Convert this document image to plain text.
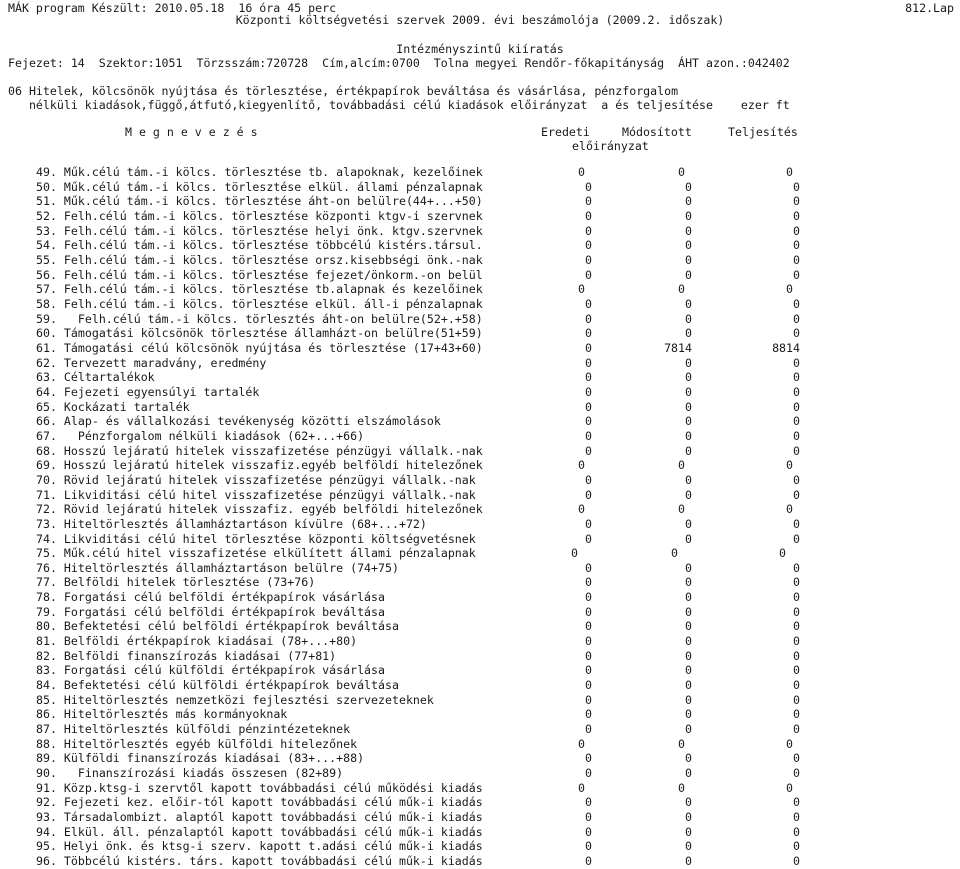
MÁK program Készült: 2010.05.18  16 óra 45 perc	812.Lap
Központi költségvetési szervek 2009. évi beszámolója (2009.2. időszak)
Intézményszintű kiíratás
Fejezet: 14  Szektor:1051  Törzsszám:720728  Cím,alcím:0700  Tolna megyei Rendőr-főkapitányság  ÁHT azon.:042402
06 Hitelek, kölcsönök nyújtása és törlesztése, értékpapírok beváltása és vásárlása, pénzforgalom
nélküli kiadások,függő,átfutó,kiegyenlítő, továbbadási célú kiadások előirányzat  a és teljesítése    ezer ft
M e g n e v e z é s	Eredeti
előirányzat
Módosított	Teljesítés
49. Műk.célú tám.-i kölcs. törlesztése tb. alapoknak, kezelőinek	0	0	0
50. Műk.célú tám.-i kölcs. törlesztése elkül. állami pénzalapnak	0	0	0
51. Műk.célú tám.-i kölcs. törlesztése áht-on belülre(44+...+50)	0	0	0
52. Felh.célú tám.-i kölcs. törlesztése központi ktgv-i szervnek	0	0	0
53. Felh.célú tám.-i kölcs. törlesztése helyi önk. ktgv.szervnek	0	0	0
54. Felh.célú tám.-i kölcs. törlesztése többcélú kistérs.társul.	0	0	0
55. Felh.célú tám.-i kölcs. törlesztése orsz.kisebbségi önk.-nak	0	0	0
56. Felh.célú tám.-i kölcs. törlesztése fejezet/önkorm.-on belül	0	0	0
57. Felh.célú tám.-i kölcs. törlesztése tb.alapnak és kezelőinek	0	0	0
58. Felh.célú tám.-i kölcs. törlesztése elkül. áll-i pénzalapnak	0	0	0
59.   Felh.célú tám.-i kölcs. törlesztés áht-on belülre(52+.+58)	0	0	0
60. Támogatási kölcsönök törlesztése államházt-on belülre(51+59)	0	0	0
61. Támogatási célú kölcsönök nyújtása és törlesztése (17+43+60)	0	7814	8814
62. Tervezett maradvány, eredmény	0	0	0
63. Céltartalékok	0	0	0
64. Fejezeti egyensúlyi tartalék	0	0	0
65. Kockázati tartalék	0	0	0
66. Alap- és vállalkozási tevékenység közötti elszámolások	0	0	0
67.   Pénzforgalom nélküli kiadások (62+...+66)	0	0	0
68. Hosszú lejáratú hitelek visszafizetése pénzügyi vállalk.-nak	0	0	0
69. Hosszú lejáratú hitelek visszafiz.egyéb belföldi hitelezőnek	0	0	0
70. Rövid lejáratú hitelek visszafizetése pénzügyi vállalk.-nak	0	0	0
71. Likviditási célú hitel visszafizetése pénzügyi vállalk.-nak	0	0	0
72. Rövid lejáratú hitelek visszafiz. egyéb belföldi hitelezőnek	0	0	0
73. Hiteltörlesztés államháztartáson kívülre (68+...+72)	0	0	0
74. Likviditási célú hitel törlesztése központi költségvetésnek	0	0	0
75. Műk.célú hitel visszafizetése elkülített állami pénzalapnak	0	0	0
76. Hiteltörlesztés államháztartáson belülre (74+75)	0	0	0
77. Belföldi hitelek törlesztése (73+76)	0	0	0
78. Forgatási célú belföldi értékpapírok vásárlása	0	0	0
79. Forgatási célú belföldi értékpapírok beváltása	0	0	0
80. Befektetési célú belföldi értékpapírok beváltása	0	0	0
81. Belföldi értékpapírok kiadásai (78+...+80)	0	0	0
82. Belföldi finanszírozás kiadásai (77+81)	0	0	0
83. Forgatási célú külföldi értékpapírok vásárlása	0	0	0
84. Befektetési célú külföldi értékpapírok beváltása	0	0	0
85. Hiteltörlesztés nemzetközi fejlesztési szervezeteknek	0	0	0
86. Hiteltörlesztés más kormányoknak	0	0	0
87. Hiteltörlesztés külföldi pénzintézeteknek	0	0	0
88. Hiteltörlesztés egyéb külföldi hitelezőnek	0	0	0
89. Külföldi finanszírozás kiadásai (83+...+88)	0	0	0
90.   Finanszírozási kiadás összesen (82+89)	0	0	0
91. Közp.ktsg-i szervtől kapott továbbadási célú működési kiadás	0	0	0
92. Fejezeti kez. előir-tól kapott továbbadási célú műk-i kiadás	0	0	0
93. Társadalombizt. alaptól kapott továbbadási célú műk-i kiadás	0	0	0
94. Elkül. áll. pénzalaptól kapott továbbadási célú műk-i kiadás	0	0	0
95. Helyi önk. és ktsg-i szerv. kapott t.adási célú műk-i kiadás	0	0	0
96. Többcélú kistérs. társ. kapott továbbadási célú műk-i kiadás	0	0	0
